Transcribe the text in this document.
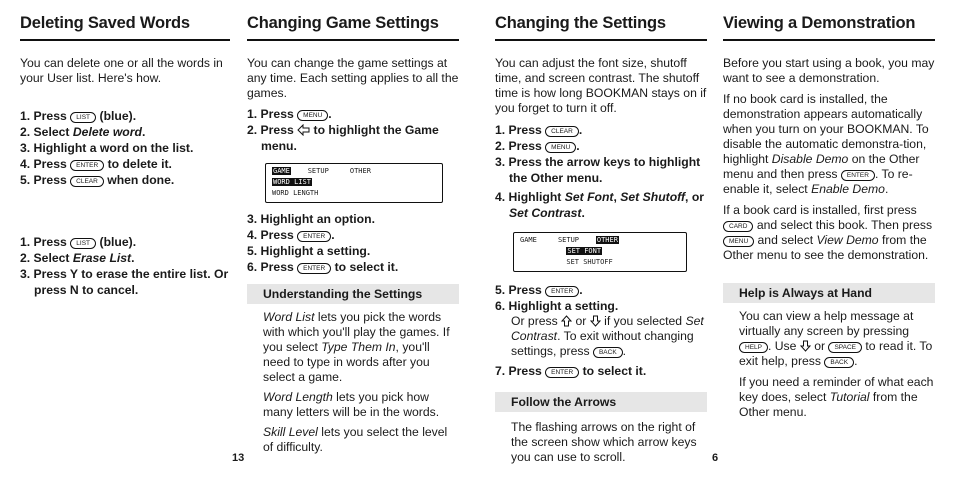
Deleting Saved Words

You can delete one or all the words in your User list. Here's how.

1. Press LIST (blue).
2. Select Delete word.
3. Highlight a word on the list.
4. Press ENTER to delete it.
5. Press CLEAR when done.
1. Press LIST (blue).
2. Select Erase List.
3. Press Y to erase the entire list. Or press N to cancel.
13
Changing Game Settings

You can change the game settings at any time. Each setting applies to all the games.

1. Press MENU .
2. Press to highlight the Game menu.
GAME	SETUP	OTHER
WORD LIST
WORD LENGTH
3. Highlight an option.
4. Press ENTER .
5. Highlight a setting.
6. Press ENTER to select it.
Understanding the Settings

Word List lets you pick the words with which you'll play the games. If you select Type Them In, you'll need to type in words after you select a game.

Word Length lets you pick how many letters will be in the words.

Skill Level lets you select the level of difficulty.

Changing the Settings

You can adjust the font size, shutoff time, and screen contrast. The shutoff time is how long BOOKMAN stays on if you forget to turn it off.

1. Press CLEAR .
2. Press MENU .
3. Press the arrow keys to highlight the Other menu.
4. Highlight Set Font, Set Shutoff, or Set Contrast.
GAME	SETUP	OTHER
SET FONT
SET SHUTOFF
5. Press ENTER .
6. Highlight a setting.

Or press or if you selected Set Contrast. To exit without changing settings, press BACK .

7. Press ENTER to select it.
Follow the Arrows

The flashing arrows on the right of the screen show which arrow keys you can use to scroll.	6
Viewing a Demonstration

Before you start using a book, you may want to see a demonstration.

If no book card is installed, the demonstration appears automatically when you turn on your BOOKMAN. To disable the automatic demonstra-tion, highlight Disable Demo on the Other menu and then press ENTER . To re-enable it, select Enable Demo.

If a book card is installed, first press CARD and select this book. Then press MENU and select View Demo from the Other menu to see the demonstration.

Help is Always at Hand

You can view a help message at virtually any screen by pressing HELP . Use or SPACE to read it. To exit help, press BACK .

If you need a reminder of what each key does, select Tutorial from the Other menu.
